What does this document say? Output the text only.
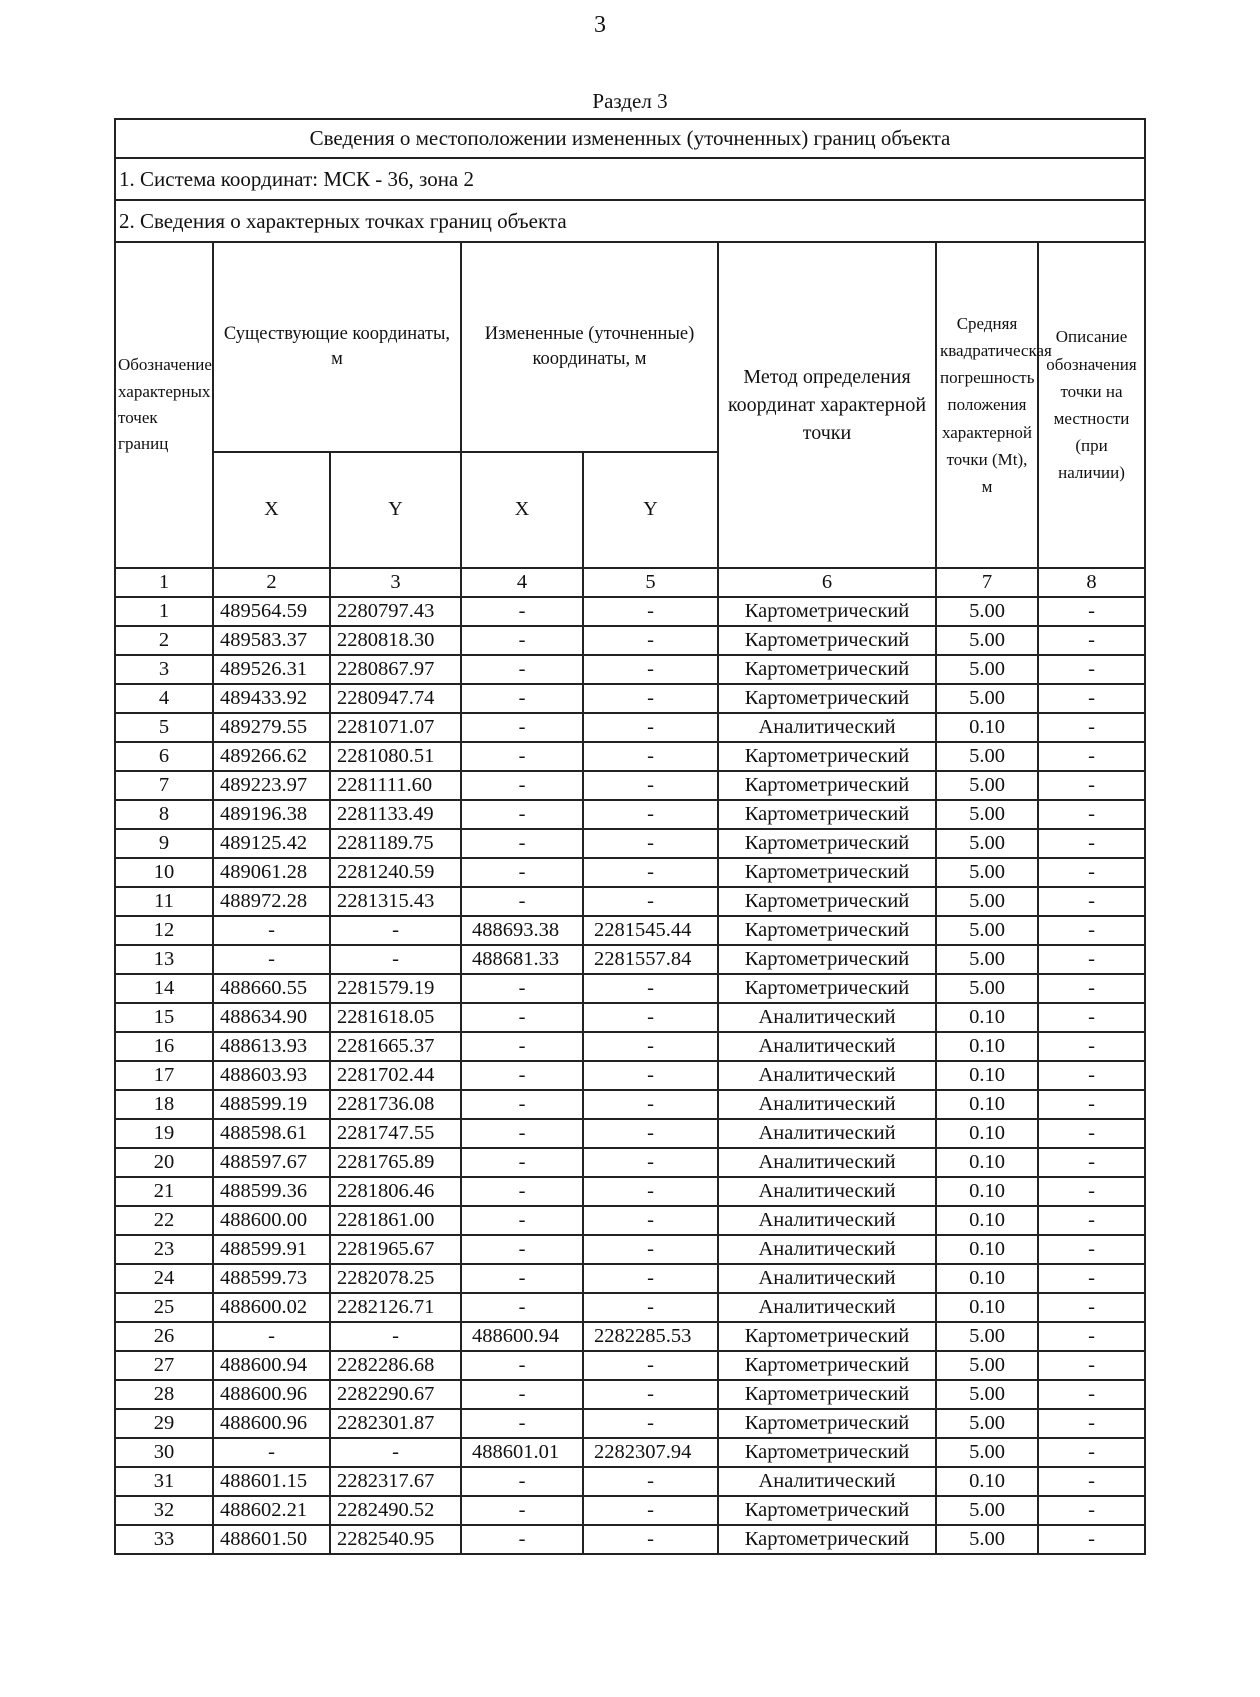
3
Раздел 3
Сведения о местоположении измененных (уточненных) границ объекта							
1. Система координат: МСК - 36, зона 2							
2. Сведения о характерных точках границ объекта							
Обозначение характерных точек границ	Существующие координаты, м		Измененные (уточненные) координаты, м		Метод определения координат характерной точки	Средняя квадратическая погрешность положения характерной точки (Mt), м	Описание обозначения точки на местности (при наличии)
	X	Y	X	Y			
1	2	3	4	5	6	7	8
1	489564.59	2280797.43	-	-	Картометрический	5.00	-
2	489583.37	2280818.30	-	-	Картометрический	5.00	-
3	489526.31	2280867.97	-	-	Картометрический	5.00	-
4	489433.92	2280947.74	-	-	Картометрический	5.00	-
5	489279.55	2281071.07	-	-	Аналитический	0.10	-
6	489266.62	2281080.51	-	-	Картометрический	5.00	-
7	489223.97	2281111.60	-	-	Картометрический	5.00	-
8	489196.38	2281133.49	-	-	Картометрический	5.00	-
9	489125.42	2281189.75	-	-	Картометрический	5.00	-
10	489061.28	2281240.59	-	-	Картометрический	5.00	-
11	488972.28	2281315.43	-	-	Картометрический	5.00	-
12	-	-	488693.38	2281545.44	Картометрический	5.00	-
13	-	-	488681.33	2281557.84	Картометрический	5.00	-
14	488660.55	2281579.19	-	-	Картометрический	5.00	-
15	488634.90	2281618.05	-	-	Аналитический	0.10	-
16	488613.93	2281665.37	-	-	Аналитический	0.10	-
17	488603.93	2281702.44	-	-	Аналитический	0.10	-
18	488599.19	2281736.08	-	-	Аналитический	0.10	-
19	488598.61	2281747.55	-	-	Аналитический	0.10	-
20	488597.67	2281765.89	-	-	Аналитический	0.10	-
21	488599.36	2281806.46	-	-	Аналитический	0.10	-
22	488600.00	2281861.00	-	-	Аналитический	0.10	-
23	488599.91	2281965.67	-	-	Аналитический	0.10	-
24	488599.73	2282078.25	-	-	Аналитический	0.10	-
25	488600.02	2282126.71	-	-	Аналитический	0.10	-
26	-	-	488600.94	2282285.53	Картометрический	5.00	-
27	488600.94	2282286.68	-	-	Картометрический	5.00	-
28	488600.96	2282290.67	-	-	Картометрический	5.00	-
29	488600.96	2282301.87	-	-	Картометрический	5.00	-
30	-	-	488601.01	2282307.94	Картометрический	5.00	-
31	488601.15	2282317.67	-	-	Аналитический	0.10	-
32	488602.21	2282490.52	-	-	Картометрический	5.00	-
33	488601.50	2282540.95	-	-	Картометрический	5.00	-
